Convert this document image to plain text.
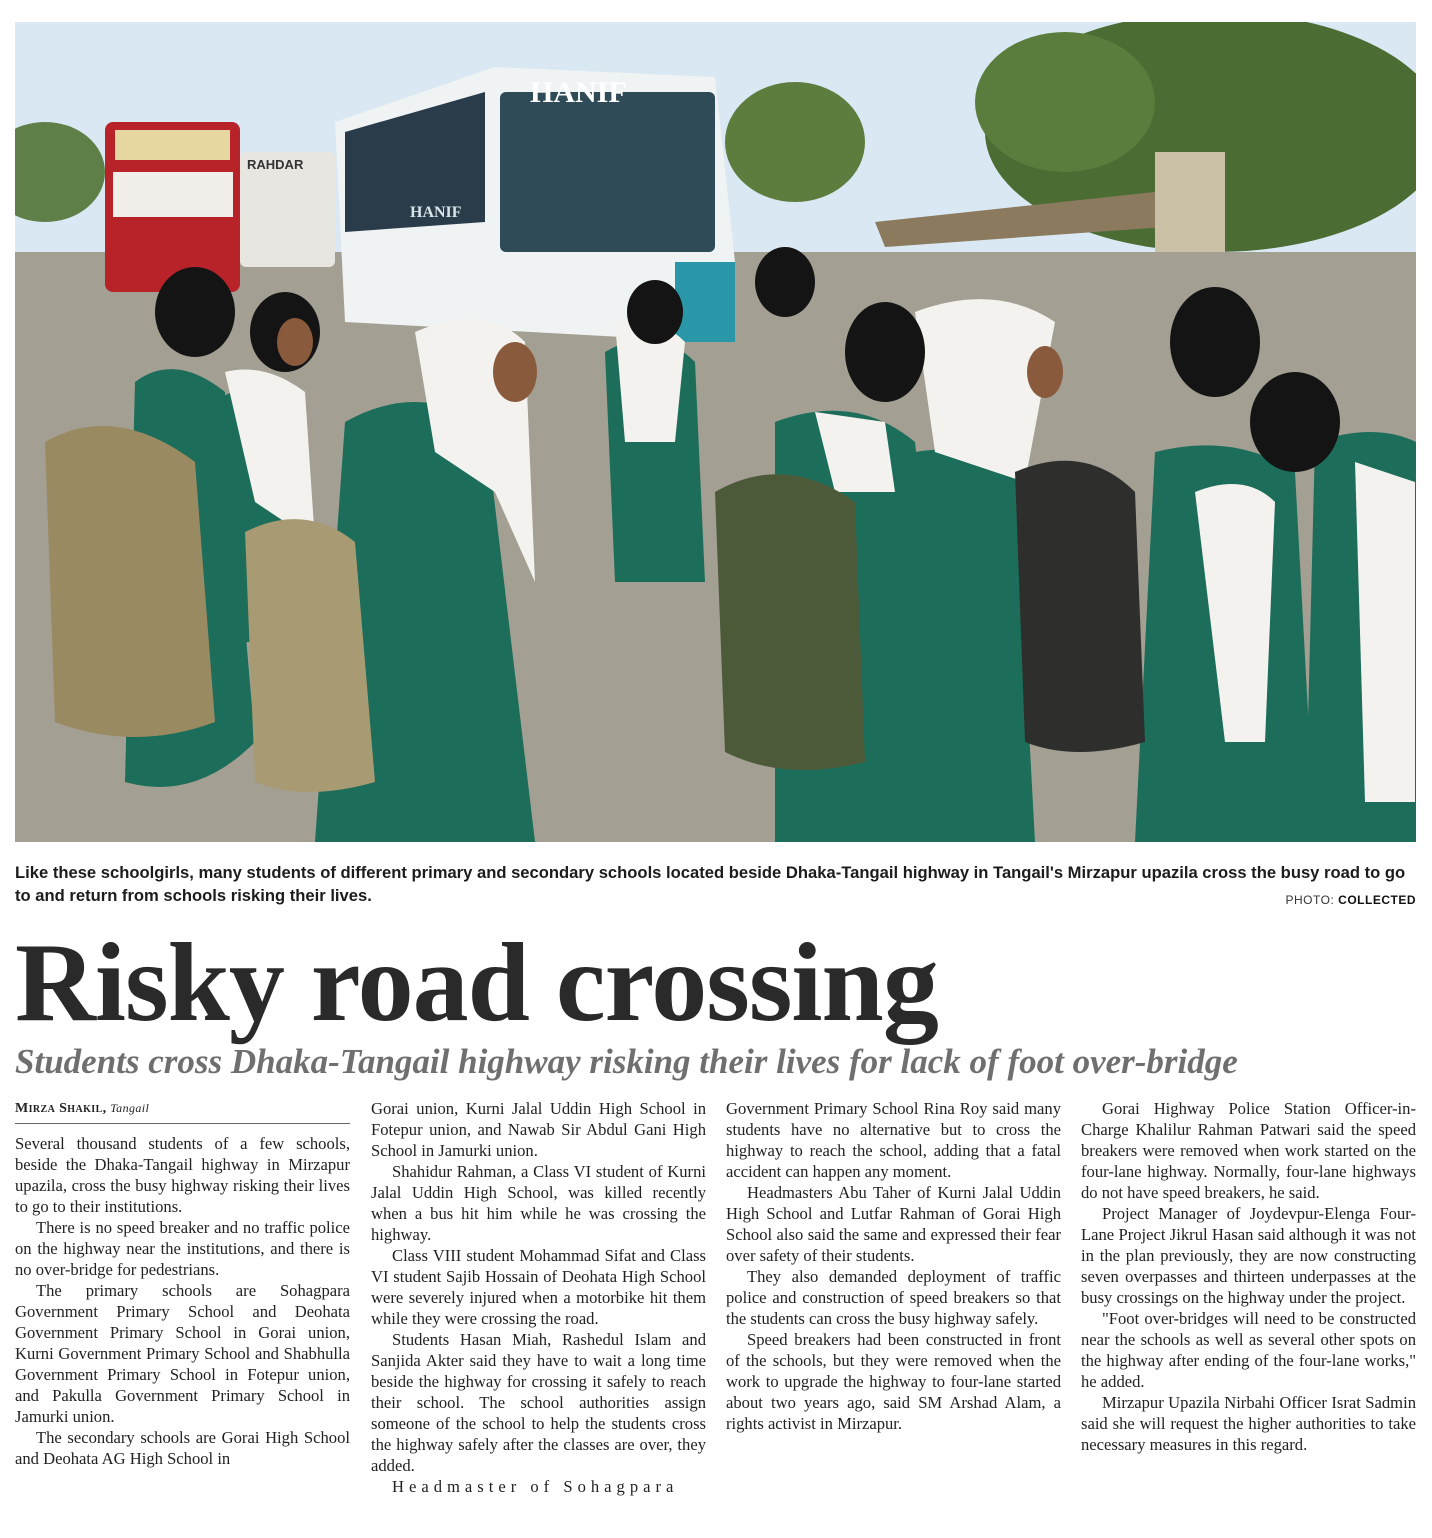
RAHDAR
HANIF
HANIF
Like these schoolgirls, many students of different primary and secondary schools located beside Dhaka-Tangail highway in Tangail's Mirzapur upazila cross the busy road to go to and return from schools risking their lives.	PHOTO: COLLECTED
Risky road crossing
Students cross Dhaka-Tangail highway risking their lives for lack of foot over-bridge
Mirza Shakil, Tangail

Several thousand students of a few schools, beside the Dhaka-Tangail highway in Mirzapur upazila, cross the busy highway risking their lives to go to their institutions.

There is no speed breaker and no traffic police on the highway near the institutions, and there is no over-bridge for pedestrians.

The primary schools are Sohagpara Government Primary School and Deohata Government Primary School in Gorai union, Kurni Government Primary School and Shabhulla Government Primary School in Fotepur union, and Pakulla Government Primary School in Jamurki union.

The secondary schools are Gorai High School and Deohata AG High School in

Gorai union, Kurni Jalal Uddin High School in Fotepur union, and Nawab Sir Abdul Gani High School in Jamurki union.

Shahidur Rahman, a Class VI student of Kurni Jalal Uddin High School, was killed recently when a bus hit him while he was crossing the highway.

Class VIII student Mohammad Sifat and Class VI student Sajib Hossain of Deohata High School were severely injured when a motorbike hit them while they were crossing the road.

Students Hasan Miah, Rashedul Islam and Sanjida Akter said they have to wait a long time beside the highway for crossing it safely to reach their school. The school authorities assign someone of the school to help the students cross the highway safely after the classes are over, they added.

Headmaster of Sohagpara

Government Primary School Rina Roy said many students have no alternative but to cross the highway to reach the school, adding that a fatal accident can happen any moment.

Headmasters Abu Taher of Kurni Jalal Uddin High School and Lutfar Rahman of Gorai High School also said the same and expressed their fear over safety of their students.

They also demanded deployment of traffic police and construction of speed breakers so that the students can cross the busy highway safely.

Speed breakers had been constructed in front of the schools, but they were removed when the work to upgrade the highway to four-lane started about two years ago, said SM Arshad Alam, a rights activist in Mirzapur.

Gorai Highway Police Station Officer-in-Charge Khalilur Rahman Patwari said the speed breakers were removed when work started on the four-lane highway. Normally, four-lane highways do not have speed breakers, he said.

Project Manager of Joydevpur-Elenga Four-Lane Project Jikrul Hasan said although it was not in the plan previously, they are now constructing seven overpasses and thirteen underpasses at the busy crossings on the highway under the project.

"Foot over-bridges will need to be constructed near the schools as well as several other spots on the highway after ending of the four-lane works," he added.

Mirzapur Upazila Nirbahi Officer Israt Sadmin said she will request the higher authorities to take necessary measures in this regard.
